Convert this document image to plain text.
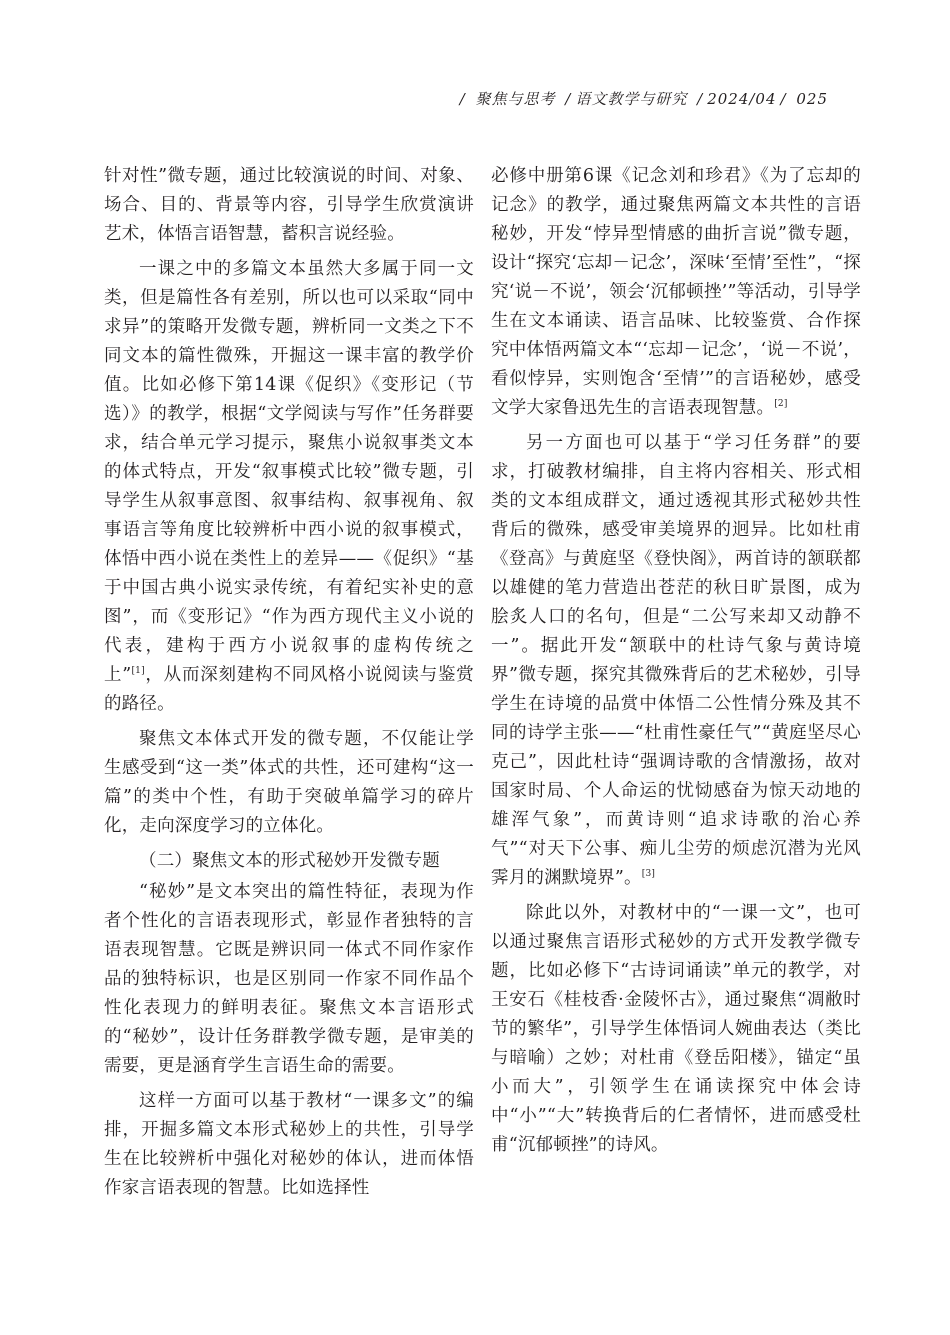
/ 聚焦与思考 / 语文教学与研究 / 2024/04 / 025

针对性”微专题，通过比较演说的时间、对象、场合、目的、背景等内容，引导学生欣赏演讲艺术，体悟言语智慧，蓄积言说经验。

一课之中的多篇文本虽然大多属于同一文类，但是篇性各有差别，所以也可以采取“同中求异”的策略开发微专题，辨析同一文类之下不同文本的篇性微殊，开掘这一课丰富的教学价值。比如必修下第14课《促织》《变形记（节选）》的教学，根据“文学阅读与写作”任务群要求，结合单元学习提示，聚焦小说叙事类文本的体式特点，开发“叙事模式比较”微专题，引导学生从叙事意图、叙事结构、叙事视角、叙事语言等角度比较辨析中西小说的叙事模式，体悟中西小说在类性上的差异——《促织》“基于中国古典小说实录传统，有着纪实补史的意图”，而《变形记》“作为西方现代主义小说的代表，建构于西方小说叙事的虚构传统之上”[1]，从而深刻建构不同风格小说阅读与鉴赏的路径。

聚焦文本体式开发的微专题，不仅能让学生感受到“这一类”体式的共性，还可建构“这一篇”的类中个性，有助于突破单篇学习的碎片化，走向深度学习的立体化。

（二）聚焦文本的形式秘妙开发微专题

“秘妙”是文本突出的篇性特征，表现为作者个性化的言语表现形式，彰显作者独特的言语表现智慧。它既是辨识同一体式不同作家作品的独特标识，也是区别同一作家不同作品个性化表现力的鲜明表征。聚焦文本言语形式的“秘妙”，设计任务群教学微专题，是审美的需要，更是涵育学生言语生命的需要。

这样一方面可以基于教材“一课多文”的编排，开掘多篇文本形式秘妙上的共性，引导学生在比较辨析中强化对秘妙的体认，进而体悟作家言语表现的智慧。比如选择性

必修中册第6课《记念刘和珍君》《为了忘却的记念》的教学，通过聚焦两篇文本共性的言语秘妙，开发“悖异型情感的曲折言说”微专题，设计“探究‘忘却－记念’，深味‘至情’至性”，“探究‘说－不说’，领会‘沉郁顿挫’”等活动，引导学生在文本诵读、语言品味、比较鉴赏、合作探究中体悟两篇文本“‘忘却－记念’，‘说－不说’，看似悖异，实则饱含‘至情’”的言语秘妙，感受文学大家鲁迅先生的言语表现智慧。[2]

另一方面也可以基于“学习任务群”的要求，打破教材编排，自主将内容相关、形式相类的文本组成群文，通过透视其形式秘妙共性背后的微殊，感受审美境界的迥异。比如杜甫《登高》与黄庭坚《登快阁》，两首诗的颔联都以雄健的笔力营造出苍茫的秋日旷景图，成为脍炙人口的名句，但是“二公写来却又动静不一”。据此开发“颔联中的杜诗气象与黄诗境界”微专题，探究其微殊背后的艺术秘妙，引导学生在诗境的品赏中体悟二公性情分殊及其不同的诗学主张——“杜甫性豪任气”“黄庭坚尽心克己”，因此杜诗“强调诗歌的含情激扬，故对国家时局、个人命运的忧恸感奋为惊天动地的雄浑气象”，而黄诗则“追求诗歌的治心养气”“对天下公事、痴儿尘劳的烦虑沉潜为光风霁月的渊默境界”。[3]

除此以外，对教材中的“一课一文”，也可以通过聚焦言语形式秘妙的方式开发教学微专题，比如必修下“古诗词诵读”单元的教学，对王安石《桂枝香·金陵怀古》，通过聚焦“凋敝时节的繁华”，引导学生体悟词人婉曲表达（类比与暗喻）之妙；对杜甫《登岳阳楼》，锚定“虽小而大”，引领学生在诵读探究中体会诗中“小”“大”转换背后的仁者情怀，进而感受杜甫“沉郁顿挫”的诗风。
